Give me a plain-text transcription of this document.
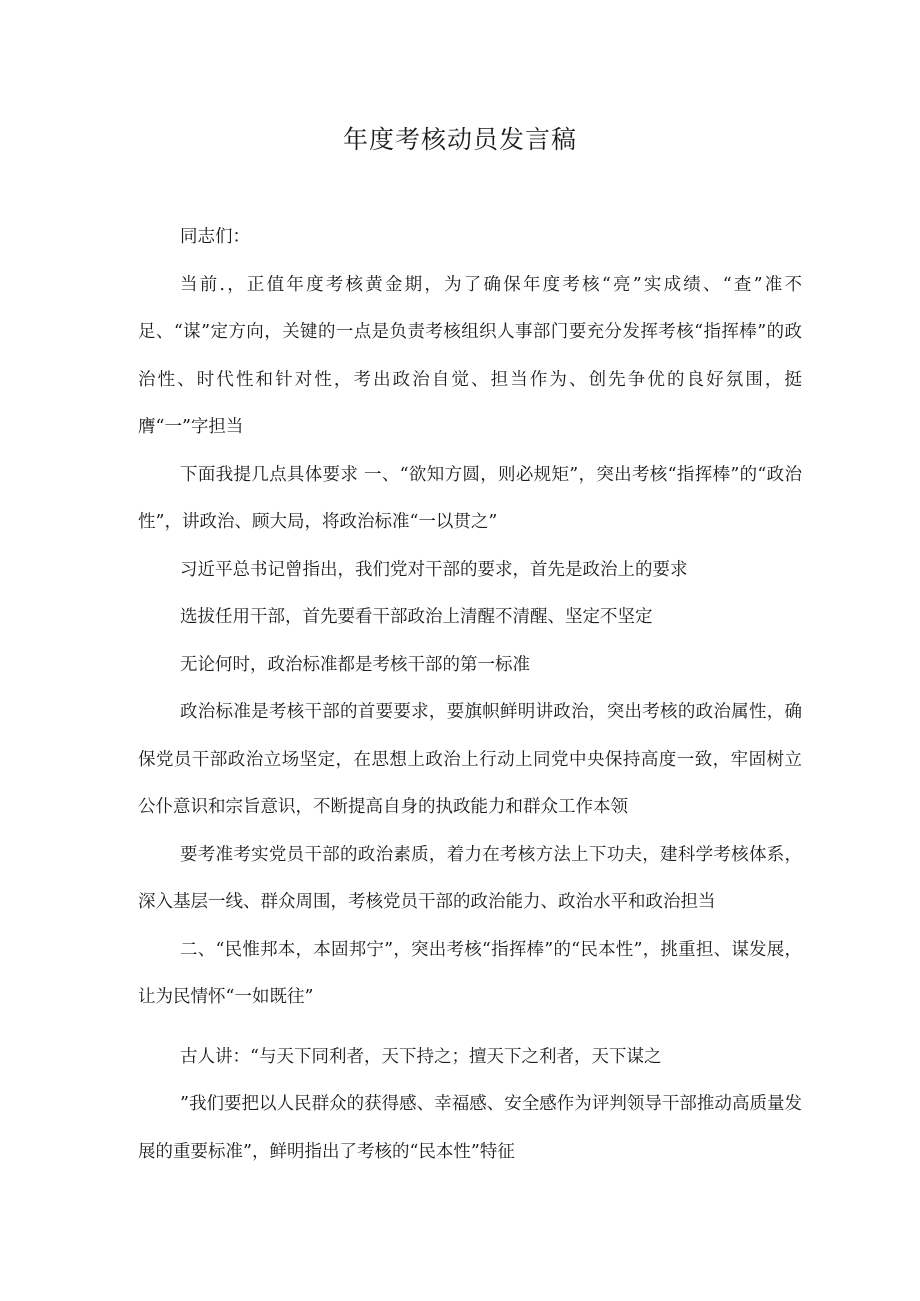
年度考核动员发言稿

同志们：

当前.，正值年度考核黄金期，为了确保年度考核“亮”实成绩、“查”准不足、“谋”定方向，关键的一点是负责考核组织人事部门要充分发挥考核“指挥棒”的政治性、时代性和针对性，考出政治自觉、担当作为、创先争优的良好氛围，挺膺“一”字担当

下面我提几点具体要求 一、“欲知方圆，则必规矩”，突出考核“指挥棒”的“政治性”，讲政治、顾大局，将政治标准“一以贯之”

习近平总书记曾指出，我们党对干部的要求，首先是政治上的要求

选拔任用干部，首先要看干部政治上清醒不清醒、坚定不坚定

无论何时，政治标准都是考核干部的第一标准

政治标准是考核干部的首要要求，要旗帜鲜明讲政治，突出考核的政治属性，确保党员干部政治立场坚定，在思想上政治上行动上同党中央保持高度一致，牢固树立公仆意识和宗旨意识，不断提高自身的执政能力和群众工作本领

要考准考实党员干部的政治素质，着力在考核方法上下功夫，建科学考核体系，深入基层一线、群众周围，考核党员干部的政治能力、政治水平和政治担当

二、“民惟邦本，本固邦宁”，突出考核“指挥棒”的“民本性”，挑重担、谋发展，让为民情怀“一如既往”

古人讲：“与天下同利者，天下持之；擅天下之利者，天下谋之

”我们要把以人民群众的获得感、幸福感、安全感作为评判领导干部推动高质量发展的重要标准”，鲜明指出了考核的“民本性”特征
